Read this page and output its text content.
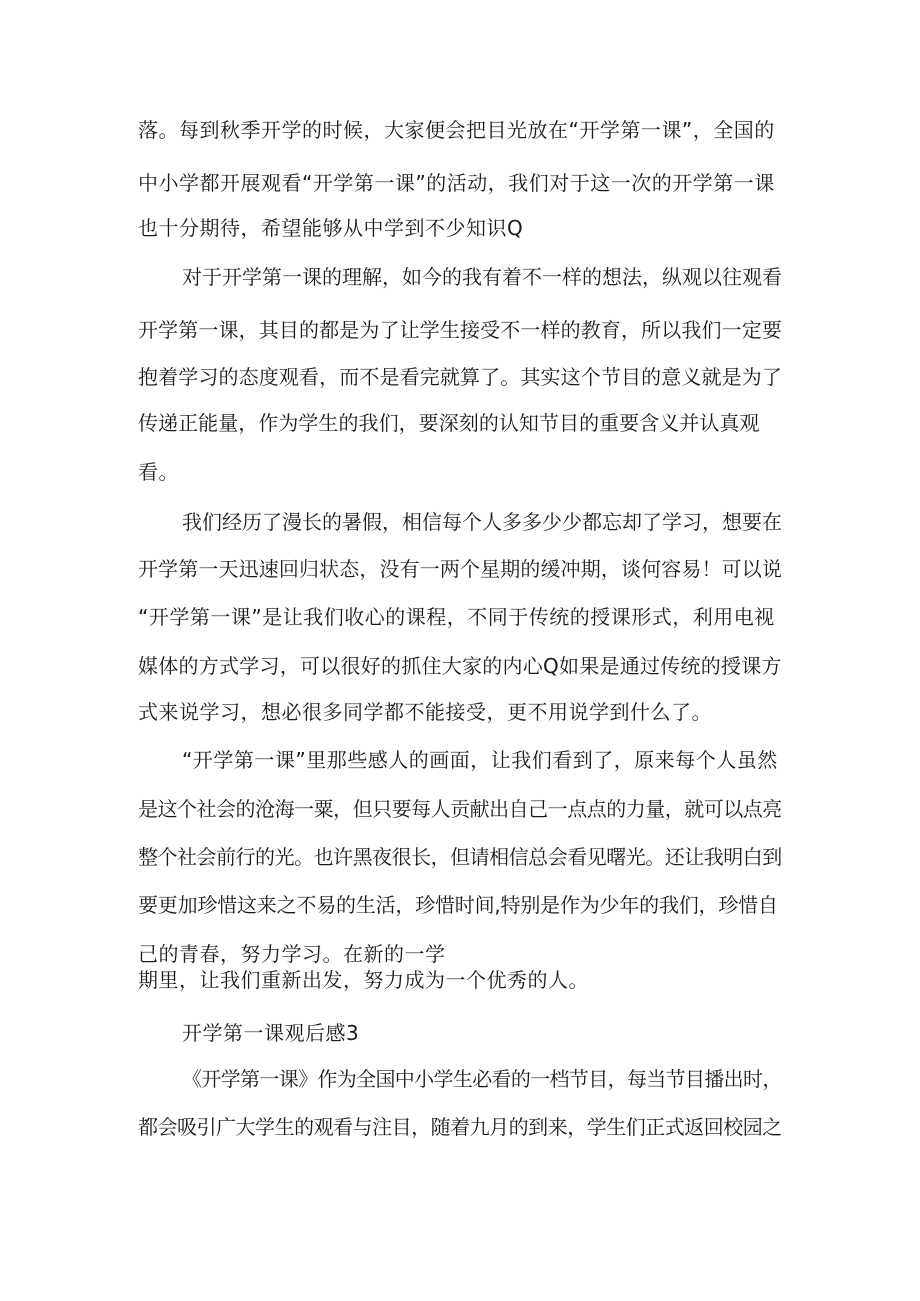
落。每到秋季开学的时候，大家便会把目光放在“开学第一课”，全国的
中小学都开展观看“开学第一课”的活动，我们对于这一次的开学第一课
也十分期待，希望能够从中学到不少知识Q
对于开学第一课的理解，如今的我有着不一样的想法，纵观以往观看
开学第一课，其目的都是为了让学生接受不一样的教育，所以我们一定要
抱着学习的态度观看，而不是看完就算了。其实这个节目的意义就是为了
传递正能量，作为学生的我们，要深刻的认知节目的重要含义并认真观
看。
我们经历了漫长的暑假，相信每个人多多少少都忘却了学习，想要在
开学第一天迅速回归状态，没有一两个星期的缓冲期，谈何容易！可以说
“开学第一课”是让我们收心的课程，不同于传统的授课形式，利用电视
媒体的方式学习，可以很好的抓住大家的内心Q如果是通过传统的授课方
式来说学习，想必很多同学都不能接受，更不用说学到什么了。
“开学第一课”里那些感人的画面，让我们看到了，原来每个人虽然
是这个社会的沧海一粟，但只要每人贡献出自己一点点的力量，就可以点亮
整个社会前行的光。也许黑夜很长，但请相信总会看见曙光。还让我明白到
要更加珍惜这来之不易的生活，珍惜时间,特别是作为少年的我们，珍惜自
己的青春，努力学习。在新的一学
期里，让我们重新出发，努力成为一个优秀的人。
开学第一课观后感3
《开学第一课》作为全国中小学生必看的一档节目，每当节目播出时，
都会吸引广大学生的观看与注目，随着九月的到来，学生们正式返回校园之
